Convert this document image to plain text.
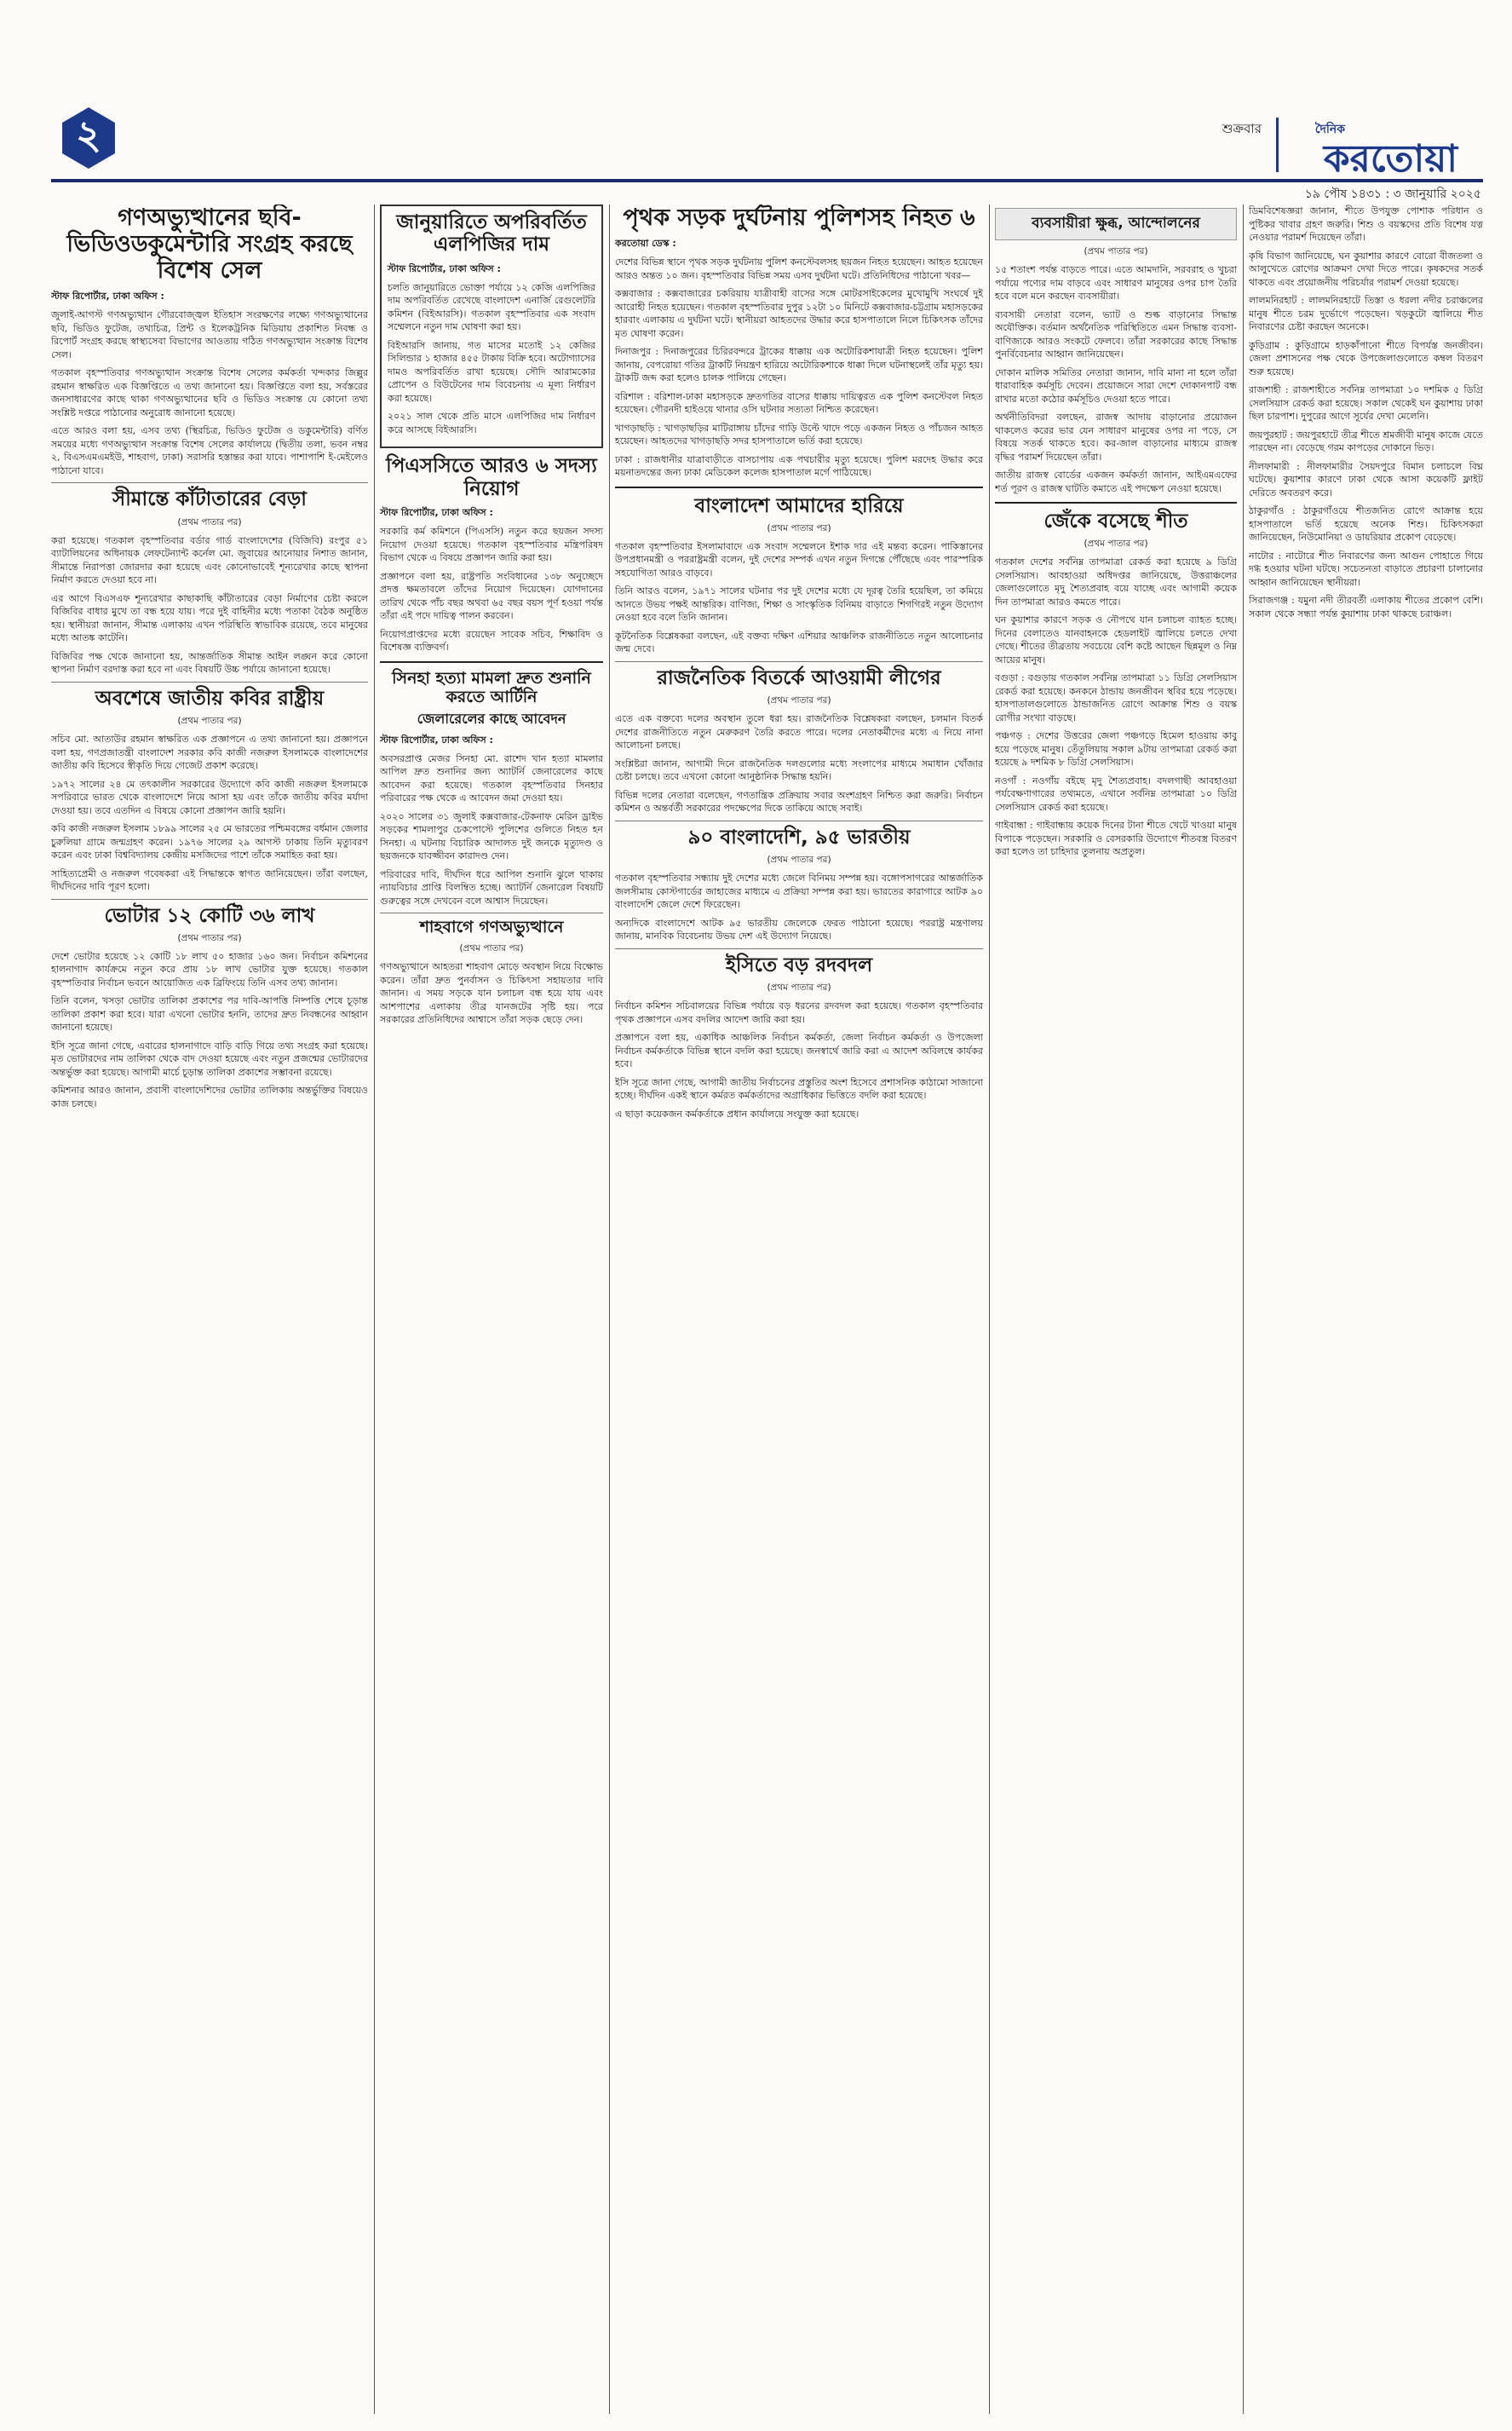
২	শুক্রবার	দৈনিক
করতোয়া
১৯ পৌষ ১৪৩১ : ৩ জানুয়ারি ২০২৫
গণঅভ্যুত্থানের ছবি-ভিডিওডকুমেন্টারি সংগ্রহ করছে বিশেষ সেল

স্টাফ রিপোর্টার, ঢাকা অফিস :

জুলাই-আগস্ট গণঅভ্যুত্থান গৌরবোজ্জ্বল ইতিহাস সংরক্ষণের লক্ষ্যে গণঅভ্যুত্থানের ছবি, ভিডিও ফুটেজ, তথ্যচিত্র, প্রিন্ট ও ইলেকট্রনিক মিডিয়ায় প্রকাশিত নিবন্ধ ও রিপোর্ট সংগ্রহ করছে স্বাস্থ্যসেবা বিভাগের আওতায় গঠিত গণঅভ্যুত্থান সংক্রান্ত বিশেষ সেল।

গতকাল বৃহস্পতিবার গণঅভ্যুত্থান সংক্রান্ত বিশেষ সেলের কর্মকর্তা খন্দকার জিল্লুর রহমান স্বাক্ষরিত এক বিজ্ঞপ্তিতে এ তথ্য জানানো হয়। বিজ্ঞপ্তিতে বলা হয়, সর্বস্তরের জনসাধারণের কাছে থাকা গণঅভ্যুত্থানের ছবি ও ভিডিও সংক্রান্ত যে কোনো তথ্য সংশ্লিষ্ট দপ্তরে পাঠানোর অনুরোধ জানানো হয়েছে।

এতে আরও বলা হয়, এসব তথ্য (স্থিরচিত্র, ভিডিও ফুটেজ ও ডকুমেন্টারি) বর্ণিত সময়ের মধ্যে গণঅভ্যুত্থান সংক্রান্ত বিশেষ সেলের কার্যালয়ে (দ্বিতীয় তলা, ভবন নম্বর ২, বিএসএমএমইউ, শাহবাগ, ঢাকা) সরাসরি হস্তান্তর করা যাবে। পাশাপাশি ই-মেইলেও পাঠানো যাবে।

সীমান্তে কাঁটাতারের বেড়া

(প্রথম পাতার পর)

করা হয়েছে। গতকাল বৃহস্পতিবার বর্ডার গার্ড বাংলাদেশের (বিজিবি) রংপুর ৫১ ব্যাটালিয়নের অধিনায়ক লেফটেন্যান্ট কর্নেল মো. জুবায়ের আনোয়ার নিশাত জানান, সীমান্তে নিরাপত্তা জোরদার করা হয়েছে এবং কোনোভাবেই শূন্যরেখার কাছে স্থাপনা নির্মাণ করতে দেওয়া হবে না।

এর আগে বিএসএফ শূন্যরেখার কাছাকাছি কাঁটাতারের বেড়া নির্মাণের চেষ্টা করলে বিজিবির বাধার মুখে তা বন্ধ হয়ে যায়। পরে দুই বাহিনীর মধ্যে পতাকা বৈঠক অনুষ্ঠিত হয়। স্থানীয়রা জানান, সীমান্ত এলাকায় এখন পরিস্থিতি স্বাভাবিক রয়েছে, তবে মানুষের মধ্যে আতঙ্ক কাটেনি।

বিজিবির পক্ষ থেকে জানানো হয়, আন্তর্জাতিক সীমান্ত আইন লঙ্ঘন করে কোনো স্থাপনা নির্মাণ বরদাস্ত করা হবে না এবং বিষয়টি উচ্চ পর্যায়ে জানানো হয়েছে।

অবশেষে জাতীয় কবির রাষ্ট্রীয়

(প্রথম পাতার পর)

সচিব মো. আতাউর রহমান স্বাক্ষরিত এক প্রজ্ঞাপনে এ তথ্য জানানো হয়। প্রজ্ঞাপনে বলা হয়, গণপ্রজাতন্ত্রী বাংলাদেশ সরকার কবি কাজী নজরুল ইসলামকে বাংলাদেশের জাতীয় কবি হিসেবে স্বীকৃতি দিয়ে গেজেট প্রকাশ করেছে।

১৯৭২ সালের ২৪ মে তৎকালীন সরকারের উদ্যোগে কবি কাজী নজরুল ইসলামকে সপরিবারে ভারত থেকে বাংলাদেশে নিয়ে আসা হয় এবং তাঁকে জাতীয় কবির মর্যাদা দেওয়া হয়। তবে এতদিন এ বিষয়ে কোনো প্রজ্ঞাপন জারি হয়নি।

কবি কাজী নজরুল ইসলাম ১৮৯৯ সালের ২৫ মে ভারতের পশ্চিমবঙ্গের বর্ধমান জেলার চুরুলিয়া গ্রামে জন্মগ্রহণ করেন। ১৯৭৬ সালের ২৯ আগস্ট ঢাকায় তিনি মৃত্যুবরণ করেন এবং ঢাকা বিশ্ববিদ্যালয় কেন্দ্রীয় মসজিদের পাশে তাঁকে সমাহিত করা হয়।

সাহিত্যপ্রেমী ও নজরুল গবেষকরা এই সিদ্ধান্তকে স্বাগত জানিয়েছেন। তাঁরা বলছেন, দীর্ঘদিনের দাবি পূরণ হলো।

ভোটার ১২ কোটি ৩৬ লাখ

(প্রথম পাতার পর)

দেশে ভোটার হয়েছে ১২ কোটি ১৮ লাখ ৫০ হাজার ১৬০ জন। নির্বাচন কমিশনের হালনাগাদ কার্যক্রমে নতুন করে প্রায় ১৮ লাখ ভোটার যুক্ত হয়েছে। গতকাল বৃহস্পতিবার নির্বাচন ভবনে আয়োজিত এক ব্রিফিংয়ে তিনি এসব তথ্য জানান।

তিনি বলেন, খসড়া ভোটার তালিকা প্রকাশের পর দাবি-আপত্তি নিষ্পত্তি শেষে চূড়ান্ত তালিকা প্রকাশ করা হবে। যারা এখনো ভোটার হননি, তাদের দ্রুত নিবন্ধনের আহ্বান জানানো হয়েছে।

ইসি সূত্রে জানা গেছে, এবারের হালনাগাদে বাড়ি বাড়ি গিয়ে তথ্য সংগ্রহ করা হয়েছে। মৃত ভোটারদের নাম তালিকা থেকে বাদ দেওয়া হয়েছে এবং নতুন প্রজন্মের ভোটারদের অন্তর্ভুক্ত করা হয়েছে। আগামী মার্চে চূড়ান্ত তালিকা প্রকাশের সম্ভাবনা রয়েছে।

কমিশনার আরও জানান, প্রবাসী বাংলাদেশিদের ভোটার তালিকায় অন্তর্ভুক্তির বিষয়েও কাজ চলছে।

জানুয়ারিতে অপরিবর্তিত এলপিজির দাম

স্টাফ রিপোর্টার, ঢাকা অফিস :

চলতি জানুয়ারিতে ভোক্তা পর্যায়ে ১২ কেজি এলপিজির দাম অপরিবর্তিত রেখেছে বাংলাদেশ এনার্জি রেগুলেটরি কমিশন (বিইআরসি)। গতকাল বৃহস্পতিবার এক সংবাদ সম্মেলনে নতুন দাম ঘোষণা করা হয়।

বিইআরসি জানায়, গত মাসের মতোই ১২ কেজির সিলিন্ডার ১ হাজার ৪৫৫ টাকায় বিক্রি হবে। অটোগ্যাসের দামও অপরিবর্তিত রাখা হয়েছে। সৌদি আরামকোর প্রোপেন ও বিউটেনের দাম বিবেচনায় এ মূল্য নির্ধারণ করা হয়েছে।

২০২১ সাল থেকে প্রতি মাসে এলপিজির দাম নির্ধারণ করে আসছে বিইআরসি।

পিএসসিতে আরও ৬ সদস্য নিয়োগ

স্টাফ রিপোর্টার, ঢাকা অফিস :

সরকারি কর্ম কমিশনে (পিএসসি) নতুন করে ছয়জন সদস্য নিয়োগ দেওয়া হয়েছে। গতকাল বৃহস্পতিবার মন্ত্রিপরিষদ বিভাগ থেকে এ বিষয়ে প্রজ্ঞাপন জারি করা হয়।

প্রজ্ঞাপনে বলা হয়, রাষ্ট্রপতি সংবিধানের ১৩৮ অনুচ্ছেদে প্রদত্ত ক্ষমতাবলে তাঁদের নিয়োগ দিয়েছেন। যোগদানের তারিখ থেকে পাঁচ বছর অথবা ৬৫ বছর বয়স পূর্ণ হওয়া পর্যন্ত তাঁরা এই পদে দায়িত্ব পালন করবেন।

নিয়োগপ্রাপ্তদের মধ্যে রয়েছেন সাবেক সচিব, শিক্ষাবিদ ও বিশেষজ্ঞ ব্যক্তিবর্গ।

সিনহা হত্যা মামলা দ্রুত শুনানি করতে আর্টিনি
জেলারেলের কাছে আবেদন

স্টাফ রিপোর্টার, ঢাকা অফিস :

অবসরপ্রাপ্ত মেজর সিনহা মো. রাশেদ খান হত্যা মামলার আপিল দ্রুত শুনানির জন্য অ্যাটর্নি জেনারেলের কাছে আবেদন করা হয়েছে। গতকাল বৃহস্পতিবার সিনহার পরিবারের পক্ষ থেকে এ আবেদন জমা দেওয়া হয়।

২০২০ সালের ৩১ জুলাই কক্সবাজার-টেকনাফ মেরিন ড্রাইভ সড়কের শামলাপুর চেকপোস্টে পুলিশের গুলিতে নিহত হন সিনহা। এ ঘটনায় বিচারিক আদালত দুই জনকে মৃত্যুদণ্ড ও ছয়জনকে যাবজ্জীবন কারাদণ্ড দেন।

পরিবারের দাবি, দীর্ঘদিন ধরে আপিল শুনানি ঝুলে থাকায় ন্যায়বিচার প্রাপ্তি বিলম্বিত হচ্ছে। অ্যাটর্নি জেনারেল বিষয়টি গুরুত্বের সঙ্গে দেখবেন বলে আশ্বাস দিয়েছেন।

শাহবাগে গণঅভ্যুত্থানে

(প্রথম পাতার পর)

গণঅভ্যুত্থানে আহতরা শাহবাগ মোড়ে অবস্থান নিয়ে বিক্ষোভ করেন। তাঁরা দ্রুত পুনর্বাসন ও চিকিৎসা সহায়তার দাবি জানান। এ সময় সড়কে যান চলাচল বন্ধ হয়ে যায় এবং আশপাশের এলাকায় তীব্র যানজটের সৃষ্টি হয়। পরে সরকারের প্রতিনিধিদের আশ্বাসে তাঁরা সড়ক ছেড়ে দেন।

পৃথক সড়ক দুর্ঘটনায় পুলিশসহ নিহত ৬

করতোয়া ডেস্ক :

দেশের বিভিন্ন স্থানে পৃথক সড়ক দুর্ঘটনায় পুলিশ কনস্টেবলসহ ছয়জন নিহত হয়েছেন। আহত হয়েছেন আরও অন্তত ১০ জন। বৃহস্পতিবার বিভিন্ন সময় এসব দুর্ঘটনা ঘটে। প্রতিনিধিদের পাঠানো খবর—

কক্সবাজার : কক্সবাজারের চকরিয়ায় যাত্রীবাহী বাসের সঙ্গে মোটরসাইকেলের মুখোমুখি সংঘর্ষে দুই আরোহী নিহত হয়েছেন। গতকাল বৃহস্পতিবার দুপুর ১২টা ১০ মিনিটে কক্সবাজার-চট্টগ্রাম মহাসড়কের হারবাং এলাকায় এ দুর্ঘটনা ঘটে। স্থানীয়রা আহতদের উদ্ধার করে হাসপাতালে নিলে চিকিৎসক তাঁদের মৃত ঘোষণা করেন।

দিনাজপুর : দিনাজপুরের চিরিরবন্দরে ট্রাকের ধাক্কায় এক অটোরিকশাযাত্রী নিহত হয়েছেন। পুলিশ জানায়, বেপরোয়া গতির ট্রাকটি নিয়ন্ত্রণ হারিয়ে অটোরিকশাকে ধাক্কা দিলে ঘটনাস্থলেই তাঁর মৃত্যু হয়। ট্রাকটি জব্দ করা হলেও চালক পালিয়ে গেছেন।

বরিশাল : বরিশাল-ঢাকা মহাসড়কে দ্রুতগতির বাসের ধাক্কায় দায়িত্বরত এক পুলিশ কনস্টেবল নিহত হয়েছেন। গৌরনদী হাইওয়ে থানার ওসি ঘটনার সত্যতা নিশ্চিত করেছেন।

খাগড়াছড়ি : খাগড়াছড়ির মাটিরাঙ্গায় চাঁদের গাড়ি উল্টে খাদে পড়ে একজন নিহত ও পাঁচজন আহত হয়েছেন। আহতদের খাগড়াছড়ি সদর হাসপাতালে ভর্তি করা হয়েছে।

ঢাকা : রাজধানীর যাত্রাবাড়ীতে বাসচাপায় এক পথচারীর মৃত্যু হয়েছে। পুলিশ মরদেহ উদ্ধার করে ময়নাতদন্তের জন্য ঢাকা মেডিকেল কলেজ হাসপাতাল মর্গে পাঠিয়েছে।

বাংলাদেশ আমাদের হারিয়ে

(প্রথম পাতার পর)

গতকাল বৃহস্পতিবার ইসলামাবাদে এক সংবাদ সম্মেলনে ইশাক দার এই মন্তব্য করেন। পাকিস্তানের উপপ্রধানমন্ত্রী ও পররাষ্ট্রমন্ত্রী বলেন, দুই দেশের সম্পর্ক এখন নতুন দিগন্তে পৌঁছেছে এবং পারস্পরিক সহযোগিতা আরও বাড়বে।

তিনি আরও বলেন, ১৯৭১ সালের ঘটনার পর দুই দেশের মধ্যে যে দূরত্ব তৈরি হয়েছিল, তা কমিয়ে আনতে উভয় পক্ষই আন্তরিক। বাণিজ্য, শিক্ষা ও সাংস্কৃতিক বিনিময় বাড়াতে শিগগিরই নতুন উদ্যোগ নেওয়া হবে বলে তিনি জানান।

কূটনৈতিক বিশ্লেষকরা বলছেন, এই বক্তব্য দক্ষিণ এশিয়ার আঞ্চলিক রাজনীতিতে নতুন আলোচনার জন্ম দেবে।

রাজনৈতিক বিতর্কে আওয়ামী লীগের

(প্রথম পাতার পর)

এতে এক বক্তব্যে দলের অবস্থান তুলে ধরা হয়। রাজনৈতিক বিশ্লেষকরা বলছেন, চলমান বিতর্ক দেশের রাজনীতিতে নতুন মেরুকরণ তৈরি করতে পারে। দলের নেতাকর্মীদের মধ্যে এ নিয়ে নানা আলোচনা চলছে।

সংশ্লিষ্টরা জানান, আগামী দিনে রাজনৈতিক দলগুলোর মধ্যে সংলাপের মাধ্যমে সমাধান খোঁজার চেষ্টা চলছে। তবে এখনো কোনো আনুষ্ঠানিক সিদ্ধান্ত হয়নি।

বিভিন্ন দলের নেতারা বলেছেন, গণতান্ত্রিক প্রক্রিয়ায় সবার অংশগ্রহণ নিশ্চিত করা জরুরি। নির্বাচন কমিশন ও অন্তর্বর্তী সরকারের পদক্ষেপের দিকে তাকিয়ে আছে সবাই।

৯০ বাংলাদেশি, ৯৫ ভারতীয়

(প্রথম পাতার পর)

গতকাল বৃহস্পতিবার সন্ধ্যায় দুই দেশের মধ্যে জেলে বিনিময় সম্পন্ন হয়। বঙ্গোপসাগরের আন্তর্জাতিক জলসীমায় কোস্টগার্ডের জাহাজের মাধ্যমে এ প্রক্রিয়া সম্পন্ন করা হয়। ভারতের কারাগারে আটক ৯০ বাংলাদেশি জেলে দেশে ফিরেছেন।

অন্যদিকে বাংলাদেশে আটক ৯৫ ভারতীয় জেলেকে ফেরত পাঠানো হয়েছে। পররাষ্ট্র মন্ত্রণালয় জানায়, মানবিক বিবেচনায় উভয় দেশ এই উদ্যোগ নিয়েছে।

ইসিতে বড় রদবদল

(প্রথম পাতার পর)

নির্বাচন কমিশন সচিবালয়ের বিভিন্ন পর্যায়ে বড় ধরনের রদবদল করা হয়েছে। গতকাল বৃহস্পতিবার পৃথক প্রজ্ঞাপনে এসব বদলির আদেশ জারি করা হয়।

প্রজ্ঞাপনে বলা হয়, একাধিক আঞ্চলিক নির্বাচন কর্মকর্তা, জেলা নির্বাচন কর্মকর্তা ও উপজেলা নির্বাচন কর্মকর্তাকে বিভিন্ন স্থানে বদলি করা হয়েছে। জনস্বার্থে জারি করা এ আদেশ অবিলম্বে কার্যকর হবে।

ইসি সূত্রে জানা গেছে, আগামী জাতীয় নির্বাচনের প্রস্তুতির অংশ হিসেবে প্রশাসনিক কাঠামো সাজানো হচ্ছে। দীর্ঘদিন একই স্থানে কর্মরত কর্মকর্তাদের অগ্রাধিকার ভিত্তিতে বদলি করা হয়েছে।

এ ছাড়া কয়েকজন কর্মকর্তাকে প্রধান কার্যালয়ে সংযুক্ত করা হয়েছে।

ব্যবসায়ীরা ক্ষুব্ধ, আন্দোলনের

(প্রথম পাতার পর)

১৫ শতাংশ পর্যন্ত বাড়তে পারে। এতে আমদানি, সরবরাহ ও খুচরা পর্যায়ে পণ্যের দাম বাড়বে এবং সাধারণ মানুষের ওপর চাপ তৈরি হবে বলে মনে করছেন ব্যবসায়ীরা।

ব্যবসায়ী নেতারা বলেন, ভ্যাট ও শুল্ক বাড়ানোর সিদ্ধান্ত অযৌক্তিক। বর্তমান অর্থনৈতিক পরিস্থিতিতে এমন সিদ্ধান্ত ব্যবসা-বাণিজ্যকে আরও সংকটে ফেলবে। তাঁরা সরকারের কাছে সিদ্ধান্ত পুনর্বিবেচনার আহ্বান জানিয়েছেন।

দোকান মালিক সমিতির নেতারা জানান, দাবি মানা না হলে তাঁরা ধারাবাহিক কর্মসূচি দেবেন। প্রয়োজনে সারা দেশে দোকানপাট বন্ধ রাখার মতো কঠোর কর্মসূচিও দেওয়া হতে পারে।

অর্থনীতিবিদরা বলছেন, রাজস্ব আদায় বাড়ানোর প্রয়োজন থাকলেও করের ভার যেন সাধারণ মানুষের ওপর না পড়ে, সে বিষয়ে সতর্ক থাকতে হবে। কর-জাল বাড়ানোর মাধ্যমে রাজস্ব বৃদ্ধির পরামর্শ দিয়েছেন তাঁরা।

জাতীয় রাজস্ব বোর্ডের একজন কর্মকর্তা জানান, আইএমএফের শর্ত পূরণ ও রাজস্ব ঘাটতি কমাতে এই পদক্ষেপ নেওয়া হয়েছে।

জেঁকে বসেছে শীত

(প্রথম পাতার পর)

গতকাল দেশের সর্বনিম্ন তাপমাত্রা রেকর্ড করা হয়েছে ৯ ডিগ্রি সেলসিয়াস। আবহাওয়া অধিদপ্তর জানিয়েছে, উত্তরাঞ্চলের জেলাগুলোতে মৃদু শৈত্যপ্রবাহ বয়ে যাচ্ছে এবং আগামী কয়েক দিন তাপমাত্রা আরও কমতে পারে।

ঘন কুয়াশার কারণে সড়ক ও নৌপথে যান চলাচল ব্যাহত হচ্ছে। দিনের বেলাতেও যানবাহনকে হেডলাইট জ্বালিয়ে চলতে দেখা গেছে। শীতের তীব্রতায় সবচেয়ে বেশি কষ্টে আছেন ছিন্নমূল ও নিম্ন আয়ের মানুষ।

বগুড়া : বগুড়ায় গতকাল সর্বনিম্ন তাপমাত্রা ১১ ডিগ্রি সেলসিয়াস রেকর্ড করা হয়েছে। কনকনে ঠান্ডায় জনজীবন স্থবির হয়ে পড়েছে। হাসপাতালগুলোতে ঠান্ডাজনিত রোগে আক্রান্ত শিশু ও বয়স্ক রোগীর সংখ্যা বাড়ছে।

পঞ্চগড় : দেশের উত্তরের জেলা পঞ্চগড়ে হিমেল হাওয়ায় কাবু হয়ে পড়েছে মানুষ। তেঁতুলিয়ায় সকাল ৯টায় তাপমাত্রা রেকর্ড করা হয়েছে ৯ দশমিক ৮ ডিগ্রি সেলসিয়াস।

নওগাঁ : নওগাঁয় বইছে মৃদু শৈত্যপ্রবাহ। বদলগাছী আবহাওয়া পর্যবেক্ষণাগারের তথ্যমতে, এখানে সর্বনিম্ন তাপমাত্রা ১০ ডিগ্রি সেলসিয়াস রেকর্ড করা হয়েছে।

গাইবান্ধা : গাইবান্ধায় কয়েক দিনের টানা শীতে খেটে খাওয়া মানুষ বিপাকে পড়েছেন। সরকারি ও বেসরকারি উদ্যোগে শীতবস্ত্র বিতরণ করা হলেও তা চাহিদার তুলনায় অপ্রতুল।

ডিমবিশেষজ্ঞরা জানান, শীতে উপযুক্ত পোশাক পরিধান ও পুষ্টিকর খাবার গ্রহণ জরুরি। শিশু ও বয়স্কদের প্রতি বিশেষ যত্ন নেওয়ার পরামর্শ দিয়েছেন তাঁরা।

কৃষি বিভাগ জানিয়েছে, ঘন কুয়াশার কারণে বোরো বীজতলা ও আলুখেতে রোগের আক্রমণ দেখা দিতে পারে। কৃষকদের সতর্ক থাকতে এবং প্রয়োজনীয় পরিচর্যার পরামর্শ দেওয়া হয়েছে।

লালমনিরহাট : লালমনিরহাটে তিস্তা ও ধরলা নদীর চরাঞ্চলের মানুষ শীতে চরম দুর্ভোগে পড়েছেন। খড়কুটো জ্বালিয়ে শীত নিবারণের চেষ্টা করছেন অনেকে।

কুড়িগ্রাম : কুড়িগ্রামে হাড়কাঁপানো শীতে বিপর্যস্ত জনজীবন। জেলা প্রশাসনের পক্ষ থেকে উপজেলাগুলোতে কম্বল বিতরণ শুরু হয়েছে।

রাজশাহী : রাজশাহীতে সর্বনিম্ন তাপমাত্রা ১০ দশমিক ৫ ডিগ্রি সেলসিয়াস রেকর্ড করা হয়েছে। সকাল থেকেই ঘন কুয়াশায় ঢাকা ছিল চারপাশ। দুপুরের আগে সূর্যের দেখা মেলেনি।

জয়পুরহাট : জয়পুরহাটে তীব্র শীতে শ্রমজীবী মানুষ কাজে যেতে পারছেন না। বেড়েছে গরম কাপড়ের দোকানে ভিড়।

নীলফামারী : নীলফামারীর সৈয়দপুরে বিমান চলাচলে বিঘ্ন ঘটেছে। কুয়াশার কারণে ঢাকা থেকে আসা কয়েকটি ফ্লাইট দেরিতে অবতরণ করে।

ঠাকুরগাঁও : ঠাকুরগাঁওয়ে শীতজনিত রোগে আক্রান্ত হয়ে হাসপাতালে ভর্তি হয়েছে অনেক শিশু। চিকিৎসকরা জানিয়েছেন, নিউমোনিয়া ও ডায়রিয়ার প্রকোপ বেড়েছে।

নাটোর : নাটোরে শীত নিবারণের জন্য আগুন পোহাতে গিয়ে দগ্ধ হওয়ার ঘটনা ঘটছে। সচেতনতা বাড়াতে প্রচারণা চালানোর আহ্বান জানিয়েছেন স্থানীয়রা।

সিরাজগঞ্জ : যমুনা নদী তীরবর্তী এলাকায় শীতের প্রকোপ বেশি। সকাল থেকে সন্ধ্যা পর্যন্ত কুয়াশায় ঢাকা থাকছে চরাঞ্চল।
